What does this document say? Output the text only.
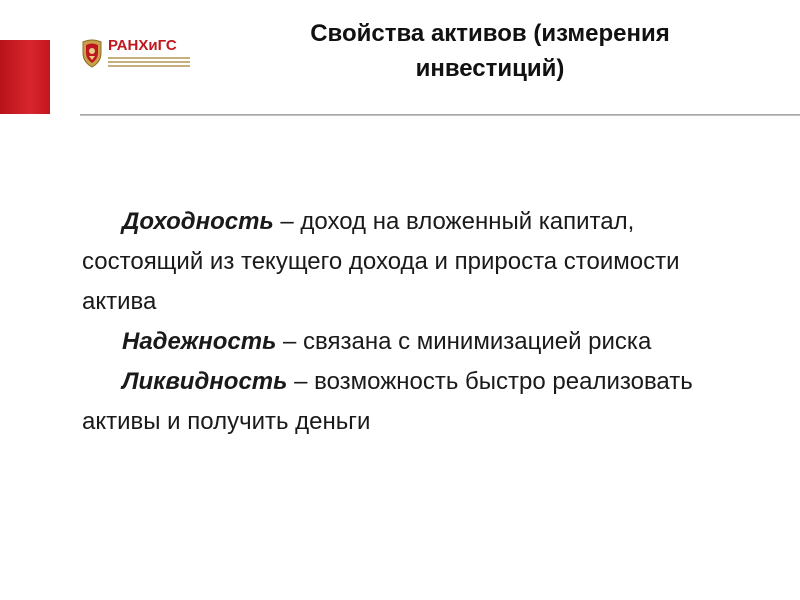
РАНХиГС	Свойства активов (измерения
инвестиций)

Доходность – доход на вложенный капитал, состоящий из текущего дохода и прироста стоимости актива

Надежность – связана с минимизацией риска

Ликвидность – возможность быстро реализовать активы и получить деньги
